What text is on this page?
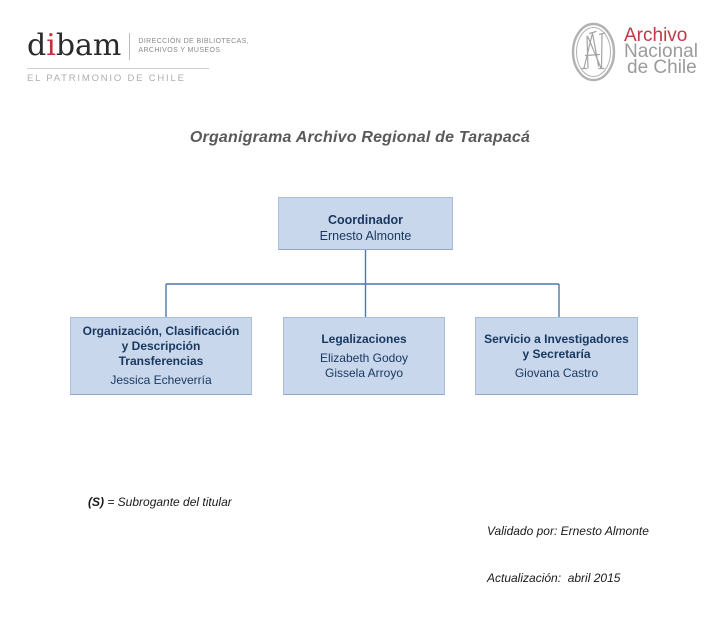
dibam DIRECCIÓN DE BIBLIOTECAS,
ARCHIVOS Y MUSEOS
EL PATRIMONIO DE CHILE
Archivo
Nacional
de Chile
Organigrama Archivo Regional de Tarapacá
Coordinador
Ernesto Almonte
Organización, Clasificación
y Descripción
Transferencias
Jessica Echeverría
Legalizaciones
Elizabeth Godoy
Gissela Arroyo
Servicio a Investigadores
y Secretaría
Giovana Castro
(S) = Subrogante del titular

Validado por: Ernesto Almonte

Actualización:  abril 2015
